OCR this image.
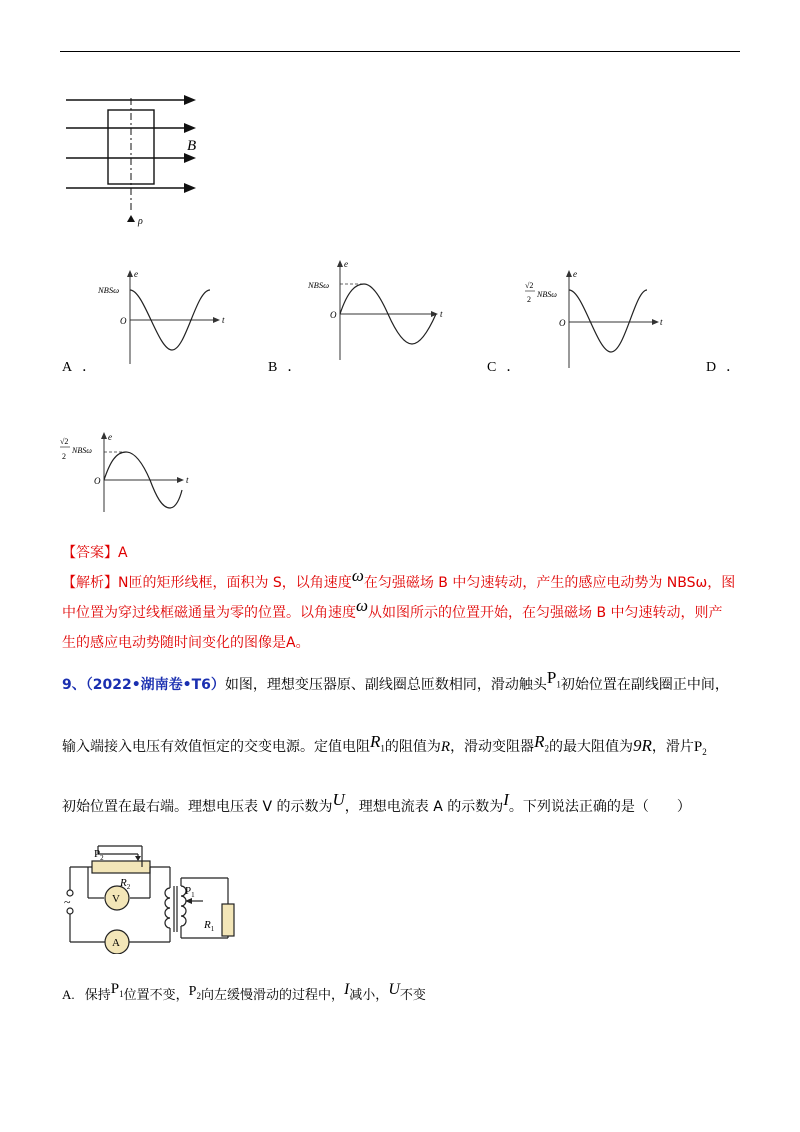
B
ρ
e
t
O
NBSω
A ．
e
t
O
NBSω
B ．
e
t
O
√2
2
NBSω
C ．	D ．
e
t
O
√2
2
NBSω
【答案】A
【解析】N匝的矩形线框，面积为 S，以角速度ω在匀强磁场 B 中匀速转动，产生的感应电动势为 NBSω，图
中位置为穿过线框磁通量为零的位置。以角速度ω从如图所示的位置开始，在匀强磁场 B 中匀速转动，则产
生的感应电动势随时间变化的图像是A。
9、（2022•湖南卷•T6）如图，理想变压器原、副线圈总匝数相同，滑动触头$P_1$初始位置在副线圈正中间，
输入端接入电压有效值恒定的交变电源。定值电阻$R_1$的阻值为R，滑动变阻器$R_2$的最大阻值为9R，滑片$P_2$
初始位置在最右端。理想电压表 V 的示数为U，理想电流表 A 的示数为I。下列说法正确的是（　　）
$P_2$
$R_2$
V
A
$P_1$
$R_1$
~
A. 保持$P_1$位置不变，$P_2$向左缓慢滑动的过程中，I减小，U不变
